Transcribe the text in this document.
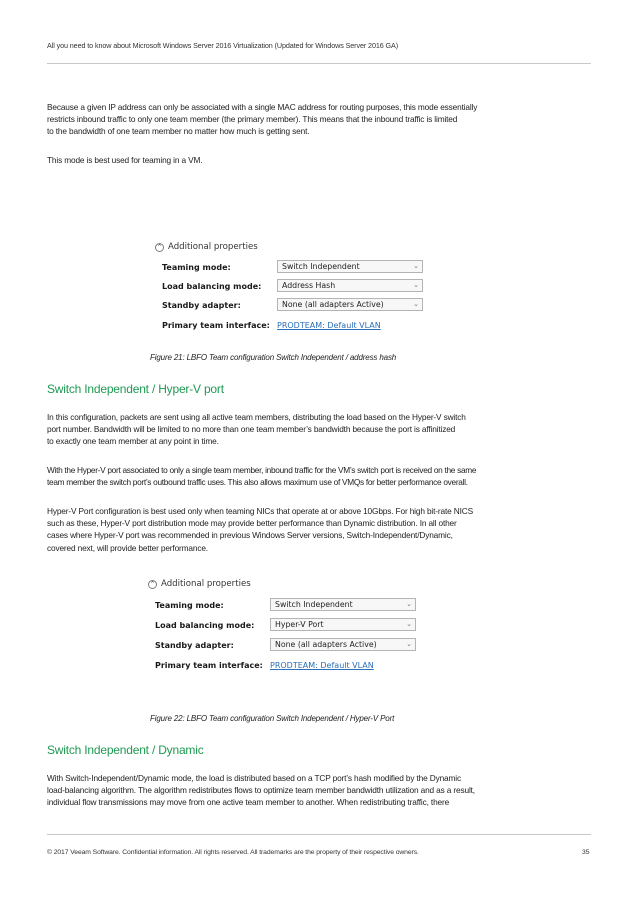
All you need to know about Microsoft Windows Server 2016 Virtualization (Updated for Windows Server 2016 GA)
Because a given IP address can only be associated with a single MAC address for routing purposes, this mode essentially
restricts inbound traffic to only one team member (the primary member). This means that the inbound traffic is limited
to the bandwidth of one team member no matter how much is getting sent.
This mode is best used for teaming in a VM.
⌃ Additional properties
Teaming mode:	Switch Independent	⌄
Load balancing mode:	Address Hash	⌄
Standby adapter:	None (all adapters Active)	⌄
Primary team interface: PRODTEAM: Default VLAN
Figure 21: LBFO Team configuration Switch Independent / address hash
Switch Independent / Hyper-V port
In this configuration, packets are sent using all active team members, distributing the load based on the Hyper-V switch
port number. Bandwidth will be limited to no more than one team member’s bandwidth because the port is affinitized
to exactly one team member at any point in time.
With the Hyper-V port associated to only a single team member, inbound traffic for the VM’s switch port is received on the same
team member the switch port’s outbound traffic uses. This also allows maximum use of VMQs for better performance overall.
Hyper-V Port configuration is best used only when teaming NICs that operate at or above 10Gbps. For high bit-rate NICS
such as these, Hyper-V port distribution mode may provide better performance than Dynamic distribution. In all other
cases where Hyper-V port was recommended in previous Windows Server versions, Switch-Independent/Dynamic,
covered next, will provide better performance.
⌃ Additional properties
Teaming mode:	Switch Independent	⌄
Load balancing mode:	Hyper-V Port	⌄
Standby adapter:	None (all adapters Active)	⌄
Primary team interface: PRODTEAM: Default VLAN
Figure 22: LBFO Team configuration Switch Independent / Hyper-V Port
Switch Independent / Dynamic
With Switch-Independent/Dynamic mode, the load is distributed based on a TCP port’s hash modified by the Dynamic
load-balancing algorithm. The algorithm redistributes flows to optimize team member bandwidth utilization and as a result,
individual flow transmissions may move from one active team member to another. When redistributing traffic, there
© 2017 Veeam Software. Confidential information. All rights reserved. All trademarks are the property of their respective owners.	35
